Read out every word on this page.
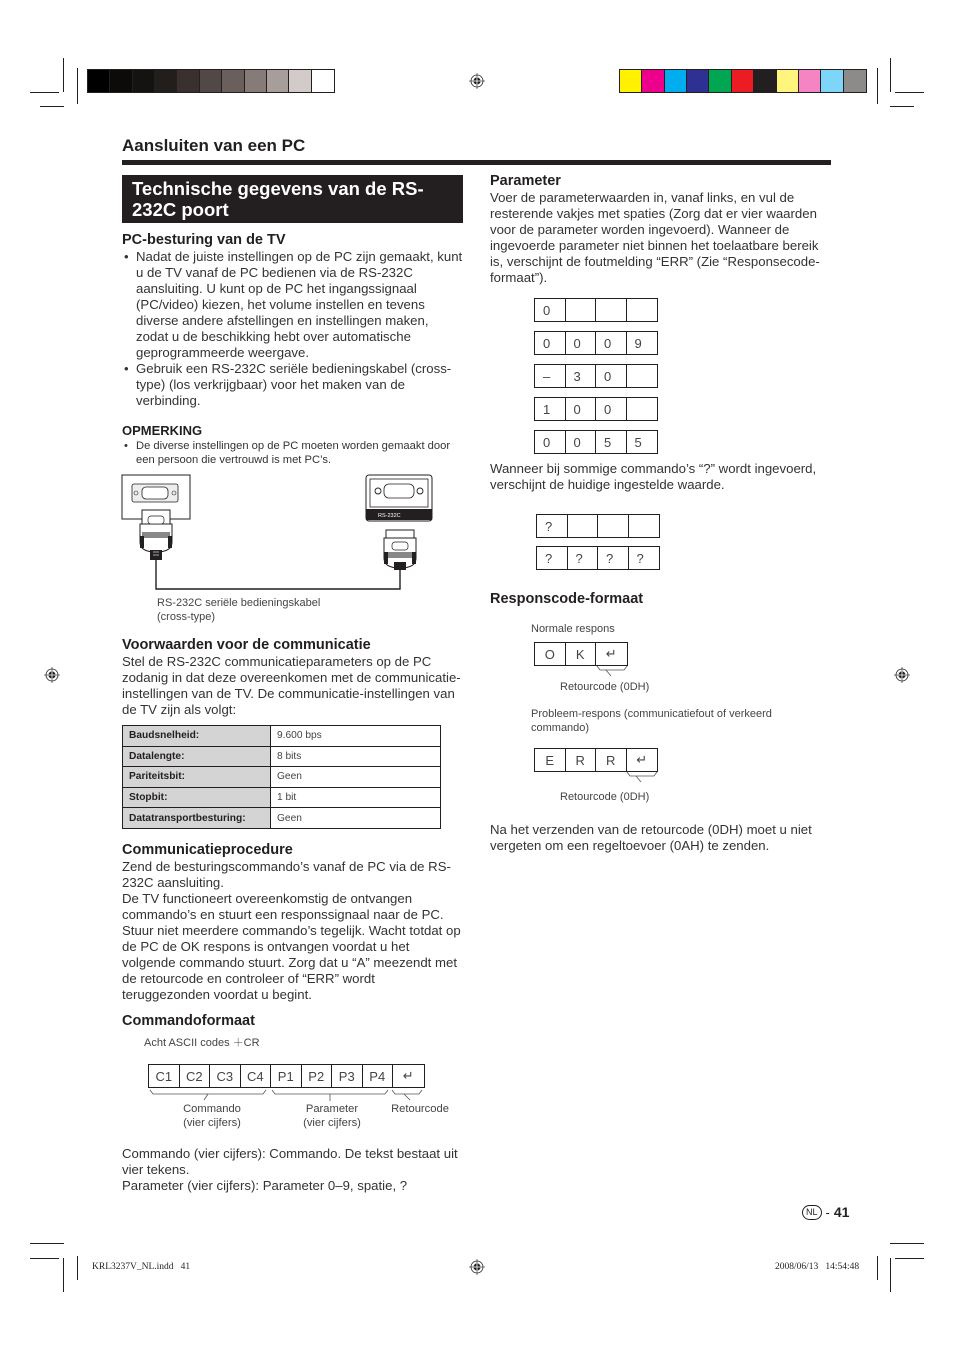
Aansluiten van een PC
Technische gegevens van de RS-232C poort
PC-besturing van de TV
• Nadat de juiste instellingen op de PC zijn gemaakt, kunt u de TV vanaf de PC bedienen via de RS-232C aansluiting. U kunt op de PC het ingangssignaal (PC/video) kiezen, het volume instellen en tevens diverse andere afstellingen en instellingen maken, zodat u de beschikking hebt over automatische geprogrammeerde weergave.
• Gebruik een RS-232C seriële bedieningskabel (cross-type) (los verkrijgbaar) voor het maken van de verbinding.
OPMERKING
• De diverse instellingen op de PC moeten worden gemaakt door een persoon die vertrouwd is met PC’s.
RS-232C
RS-232C seriële bedieningskabel
(cross-type)
Voorwaarden voor de communicatie
Stel de RS-232C communicatieparameters op de PC zodanig in dat deze overeenkomen met de communicatie-instellingen van de TV. De communicatie-instellingen van de TV zijn als volgt:
Baudsnelheid:	9.600 bps
Datalengte:	8 bits
Pariteitsbit:	Geen
Stopbit:	1 bit
Datatransportbesturing:	Geen
Communicatieprocedure
Zend de besturingscommando’s vanaf de PC via de RS-232C aansluiting.
De TV functioneert overeenkomstig de ontvangen commando’s en stuurt een responssignaal naar de PC. Stuur niet meerdere commando’s tegelijk. Wacht totdat op de PC de OK respons is ontvangen voordat u het volgende commando stuurt. Zorg dat u “A” meezendt met de retourcode en controleer of “ERR” wordt teruggezonden voordat u begint.
Commandoformaat
Acht ASCII codes ＋CR
C1	C2	C3	C4	P1	P2	P3	P4	↵
Commando
(vier cijfers)
Parameter
(vier cijfers)
Retourcode
Commando (vier cijfers): Commando. De tekst bestaat uit vier tekens.
Parameter (vier cijfers): Parameter 0–9, spatie, ?
Parameter
Voer de parameterwaarden in, vanaf links, en vul de resterende vakjes met spaties (Zorg dat er vier waarden voor de parameter worden ingevoerd). Wanneer de ingevoerde parameter niet binnen het toelaatbare bereik is, verschijnt de foutmelding “ERR” (Zie “Responsecode-formaat”).
0
0	0	0	9
–	3	0
1	0	0
0	0	5	5
Wanneer bij sommige commando’s “?” wordt ingevoerd, verschijnt de huidige ingestelde waarde.
?
?	?	?	?
Responscode-formaat
Normale respons
O	K	↵
Retourcode (0DH)
Probleem-respons (communicatiefout of verkeerd commando)
E	R	R	↵
Retourcode (0DH)
Na het verzenden van de retourcode (0DH) moet u niet vergeten om een regeltoevoer (0AH) te zenden.
NL - 41
KRL3237V_NL.indd   41	2008/06/13   14:54:48
